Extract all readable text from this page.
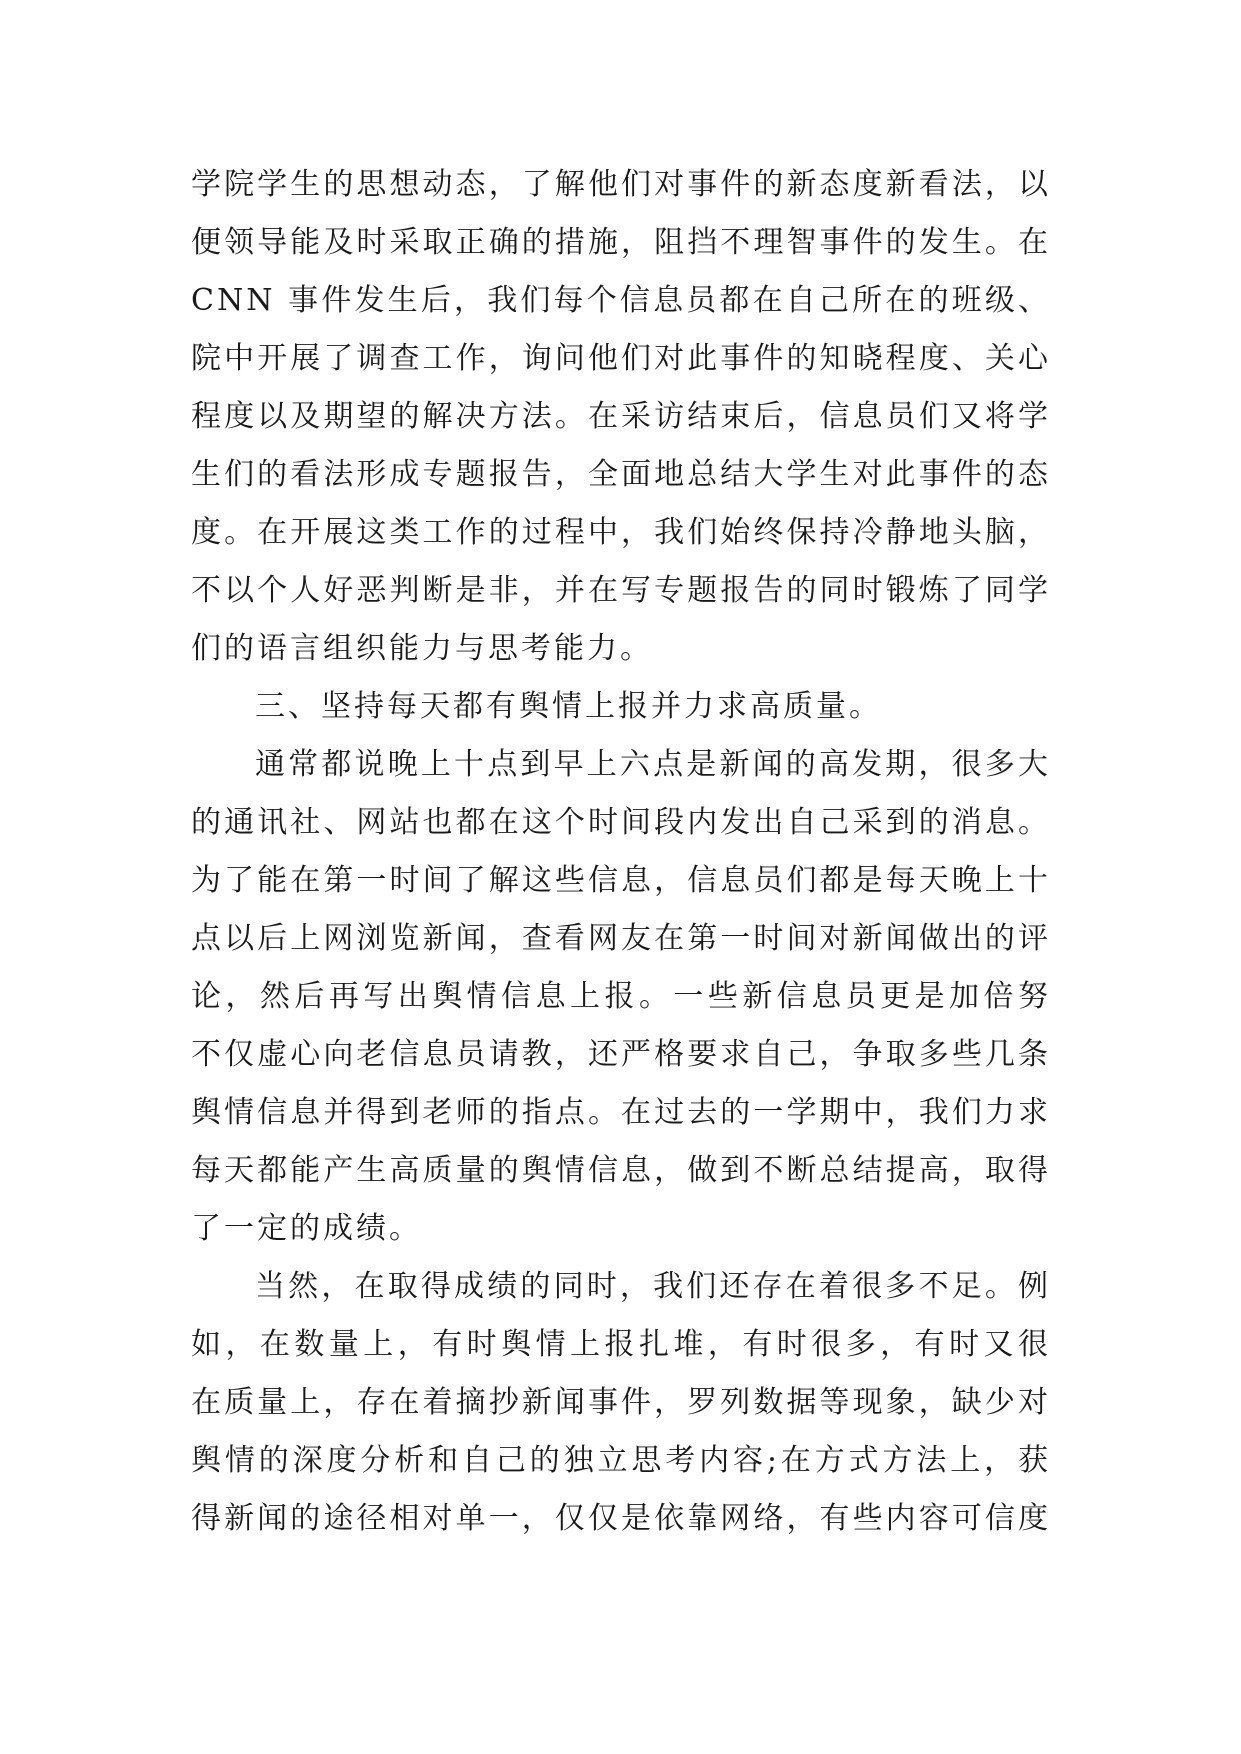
学院学生的思想动态，了解他们对事件的新态度新看法，以
便领导能及时采取正确的措施，阻挡不理智事件的发生。在
CNN 事件发生后，我们每个信息员都在自己所在的班级、
院中开展了调查工作，询问他们对此事件的知晓程度、关心
程度以及期望的解决方法。在采访结束后，信息员们又将学
生们的看法形成专题报告，全面地总结大学生对此事件的态
度。在开展这类工作的过程中，我们始终保持冷静地头脑，
不以个人好恶判断是非，并在写专题报告的同时锻炼了同学
们的语言组织能力与思考能力。
三、坚持每天都有舆情上报并力求高质量。
通常都说晚上十点到早上六点是新闻的高发期，很多大
的通讯社、网站也都在这个时间段内发出自己采到的消息。
为了能在第一时间了解这些信息，信息员们都是每天晚上十
点以后上网浏览新闻，查看网友在第一时间对新闻做出的评
论，然后再写出舆情信息上报。一些新信息员更是加倍努
不仅虚心向老信息员请教，还严格要求自己，争取多些几条
舆情信息并得到老师的指点。在过去的一学期中，我们力求
每天都能产生高质量的舆情信息，做到不断总结提高，取得
了一定的成绩。
当然，在取得成绩的同时，我们还存在着很多不足。例
如，在数量上，有时舆情上报扎堆，有时很多，有时又很
在质量上，存在着摘抄新闻事件，罗列数据等现象，缺少对
舆情的深度分析和自己的独立思考内容;在方式方法上，获
得新闻的途径相对单一，仅仅是依靠网络，有些内容可信度
